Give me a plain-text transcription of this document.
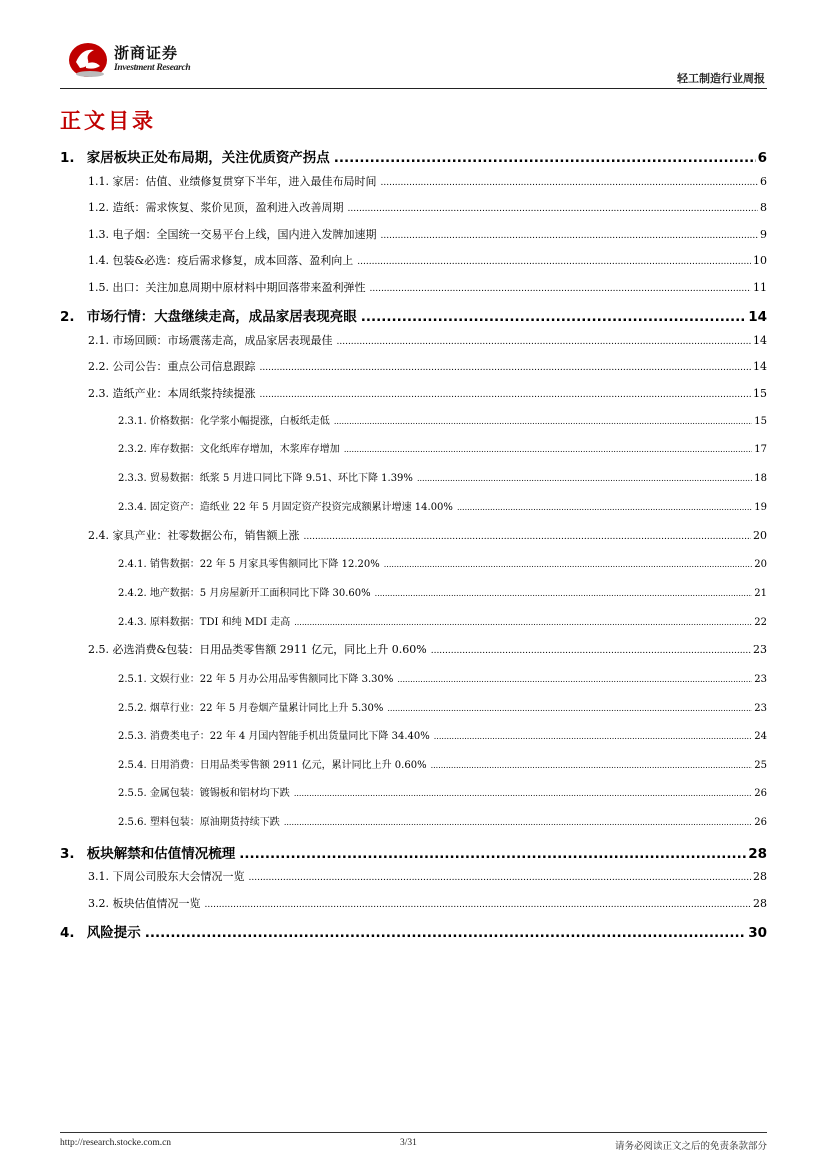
浙商证券
Investment Research
轻工制造行业周报
正文目录
1. 家居板块正处布局期，关注优质资产拐点 .....	6
1.1. 家居：估值、业绩修复贯穿下半年，进入最佳布局时间 .....	6
1.2. 造纸：需求恢复、浆价见顶，盈利进入改善周期 .....	8
1.3. 电子烟：全国统一交易平台上线，国内进入发牌加速期 .....	9
1.4. 包装&必选：疫后需求修复，成本回落、盈利向上 .....	10
1.5. 出口：关注加息周期中原材料中期回落带来盈利弹性 .....	11
2. 市场行情：大盘继续走高，成品家居表现亮眼 .....	14
2.1. 市场回顾：市场震荡走高，成品家居表现最佳 .....	14
2.2. 公司公告：重点公司信息跟踪 .....	14
2.3. 造纸产业：本周纸浆持续提涨 .....	15
2.3.1. 价格数据：化学浆小幅提涨，白板纸走低 .....	15
2.3.2. 库存数据：文化纸库存增加，木浆库存增加 .....	17
2.3.3. 贸易数据：纸浆 5 月进口同比下降 9.51、环比下降 1.39% .....	18
2.3.4. 固定资产：造纸业 22 年 5 月固定资产投资完成额累计增速 14.00% .....	19
2.4. 家具产业：社零数据公布，销售额上涨 .....	20
2.4.1. 销售数据：22 年 5 月家具零售额同比下降 12.20% .....	20
2.4.2. 地产数据：5 月房屋新开工面积同比下降 30.60% .....	21
2.4.3. 原料数据：TDI 和纯 MDI 走高 .....	22
2.5. 必选消费&包装：日用品类零售额 2911 亿元，同比上升 0.60% .....	23
2.5.1. 文娱行业：22 年 5 月办公用品零售额同比下降 3.30% .....	23
2.5.2. 烟草行业：22 年 5 月卷烟产量累计同比上升 5.30% .....	23
2.5.3. 消费类电子：22 年 4 月国内智能手机出货量同比下降 34.40% .....	24
2.5.4. 日用消费：日用品类零售额 2911 亿元，累计同比上升 0.60% .....	25
2.5.5. 金属包装：镀锡板和铝材均下跌 .....	26
2.5.6. 塑料包装：原油期货持续下跌 .....	26
3. 板块解禁和估值情况梳理 .....	28
3.1. 下周公司股东大会情况一览 .....	28
3.2. 板块估值情况一览 .....	28
4. 风险提示 .....	30
http://research.stocke.com.cn	3/31	请务必阅读正文之后的免责条款部分
